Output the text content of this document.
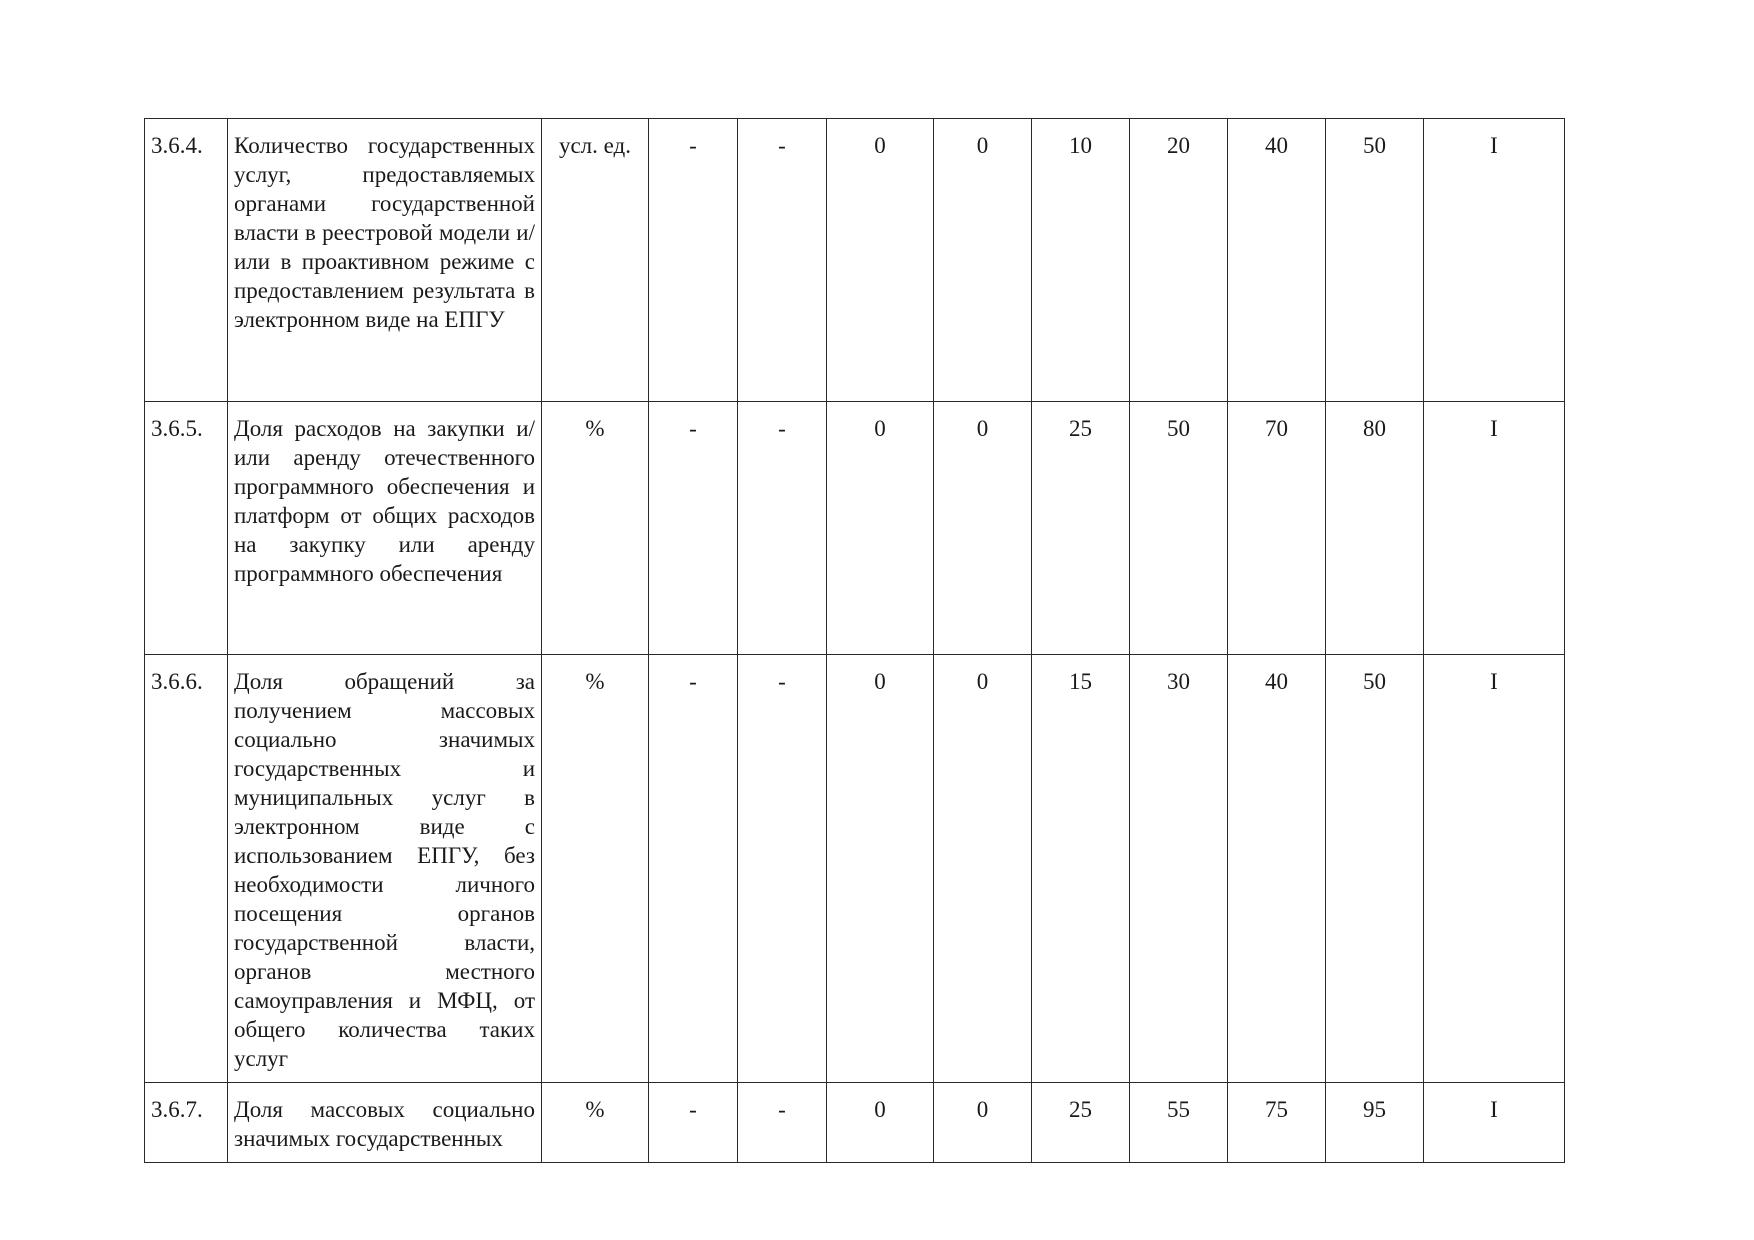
3.6.4.	Количество государственных услуг, предоставляемых органами государственной власти в реестровой модели и/или в проактивном режиме с предоставлением результата в электронном виде на ЕПГУ	усл. ед.	-	-	0	0	10	20	40	50	I
3.6.5.	Доля расходов на закупки и/или аренду отечественного программного обеспечения и платформ от общих расходов на закупку или аренду программного обеспечения	%	-	-	0	0	25	50	70	80	I
3.6.6.	Доля обращений за получением массовых социально значимых государственных и муниципальных услуг в электронном виде с использованием ЕПГУ, без необходимости личного посещения органов государственной власти, органов местного самоуправления и МФЦ, от общего количества таких услуг	%	-	-	0	0	15	30	40	50	I
3.6.7.	Доля массовых социально значимых государственных	%	-	-	0	0	25	55	75	95	I
